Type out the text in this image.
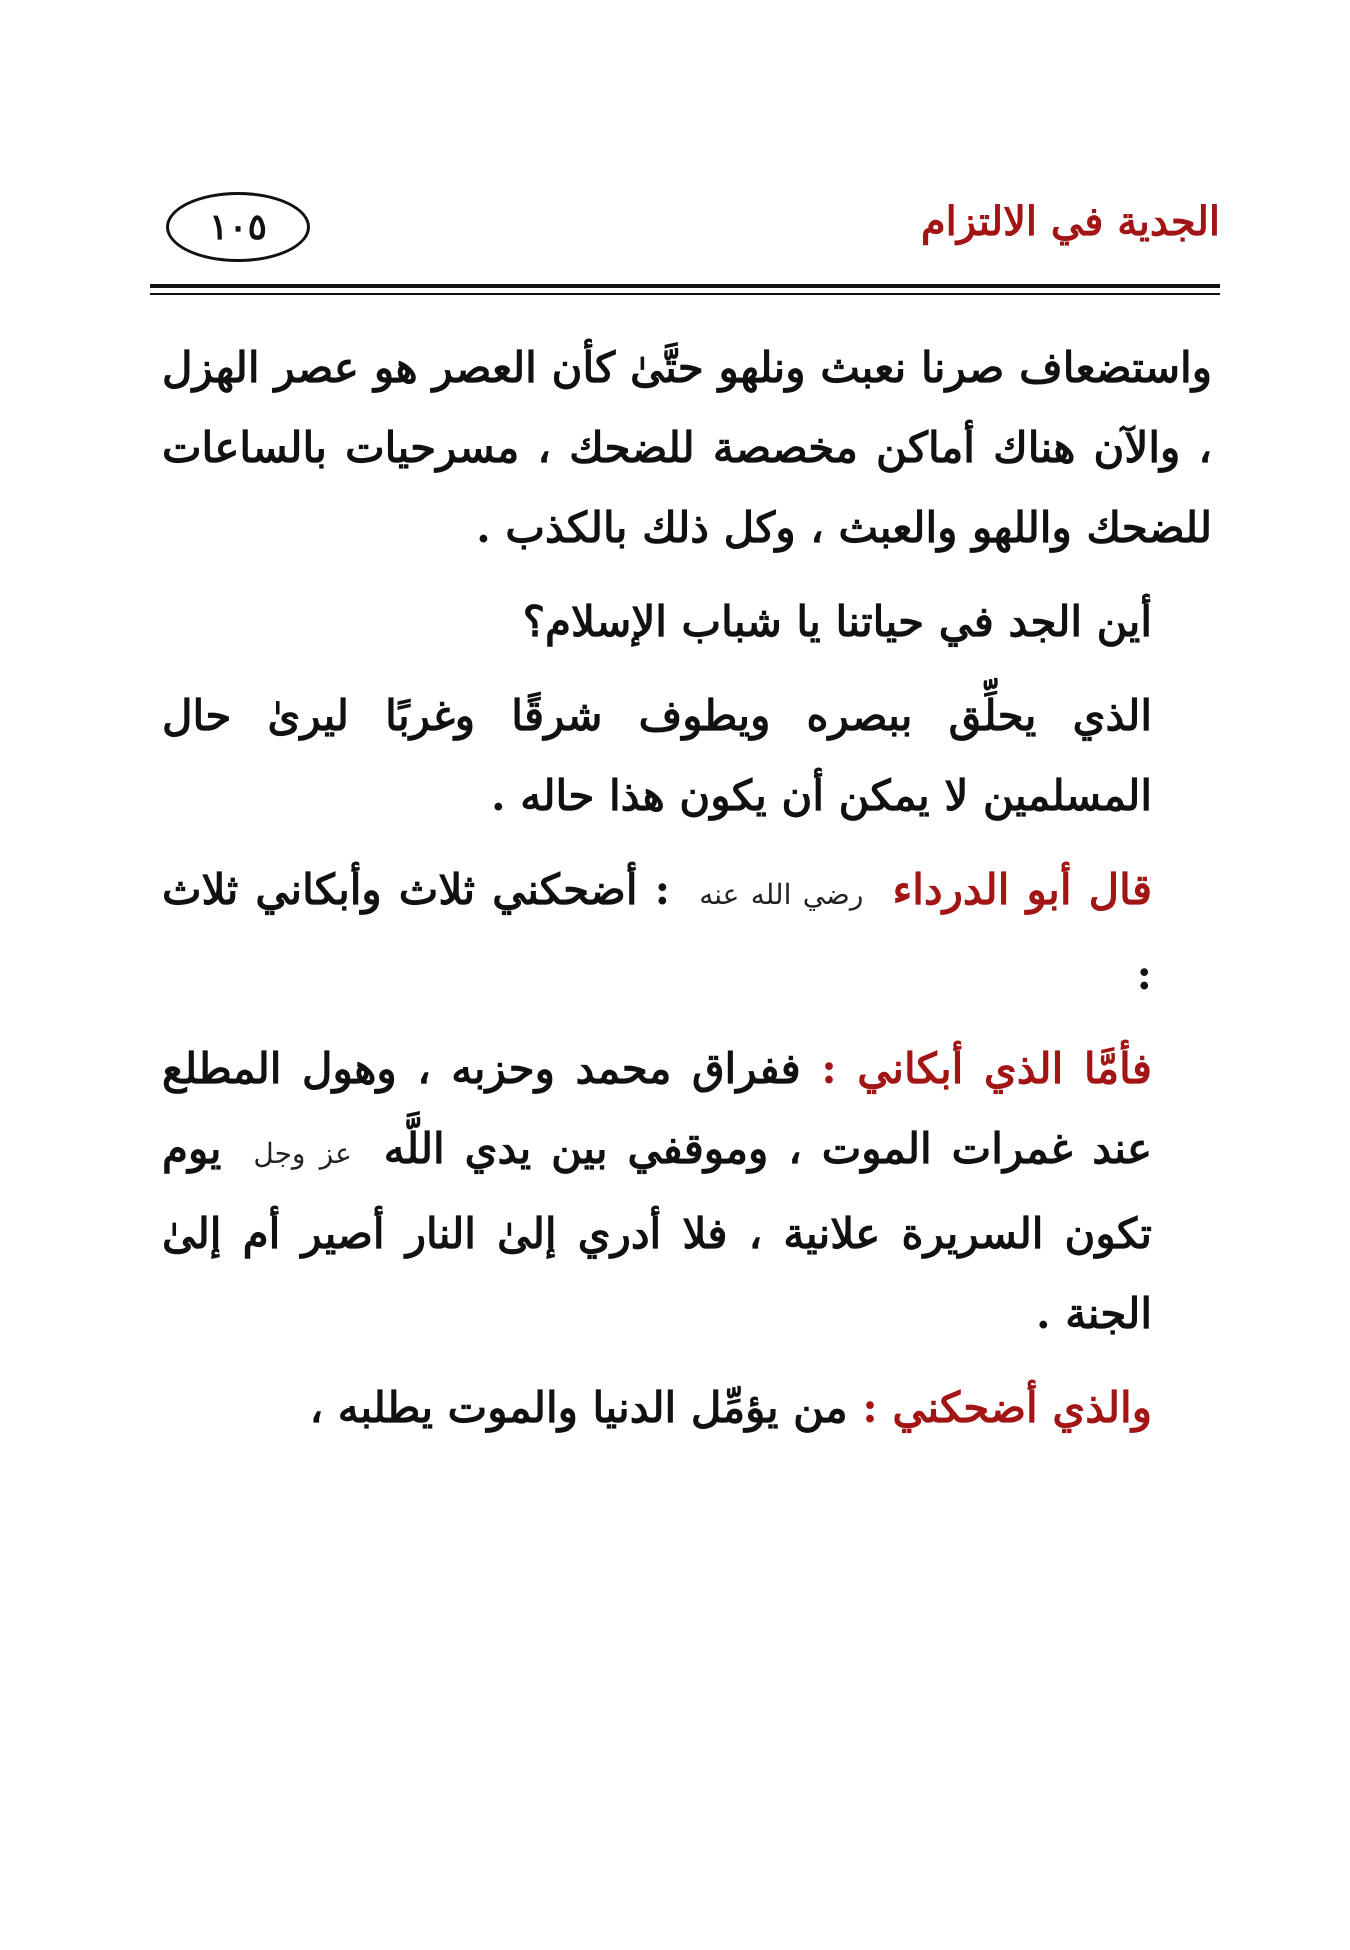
الجدية في الالتزام
١٠٥

واستضعاف صرنا نعبث ونلهو حتَّىٰ كأن العصر هو عصر الهزل ، والآن هناك أماكن مخصصة للضحك ، مسرحيات بالساعات للضحك واللهو والعبث ، وكل ذلك بالكذب .

أين الجد في حياتنا يا شباب الإسلام؟

الذي يحلِّق ببصره ويطوف شرقًا وغربًا ليرىٰ حال المسلمين لا يمكن أن يكون هذا حاله .

قال أبو الدرداء رضي الله عنه : أضحكني ثلاث وأبكاني ثلاث :

فأمَّا الذي أبكاني : ففراق محمد وحزبه ، وهول المطلع عند غمرات الموت ، وموقفي بين يدي اللَّه عز وجل يوم تكون السريرة علانية ، فلا أدري إلىٰ النار أصير أم إلىٰ الجنة .

والذي أضحكني : من يؤمِّل الدنيا والموت يطلبه ،
